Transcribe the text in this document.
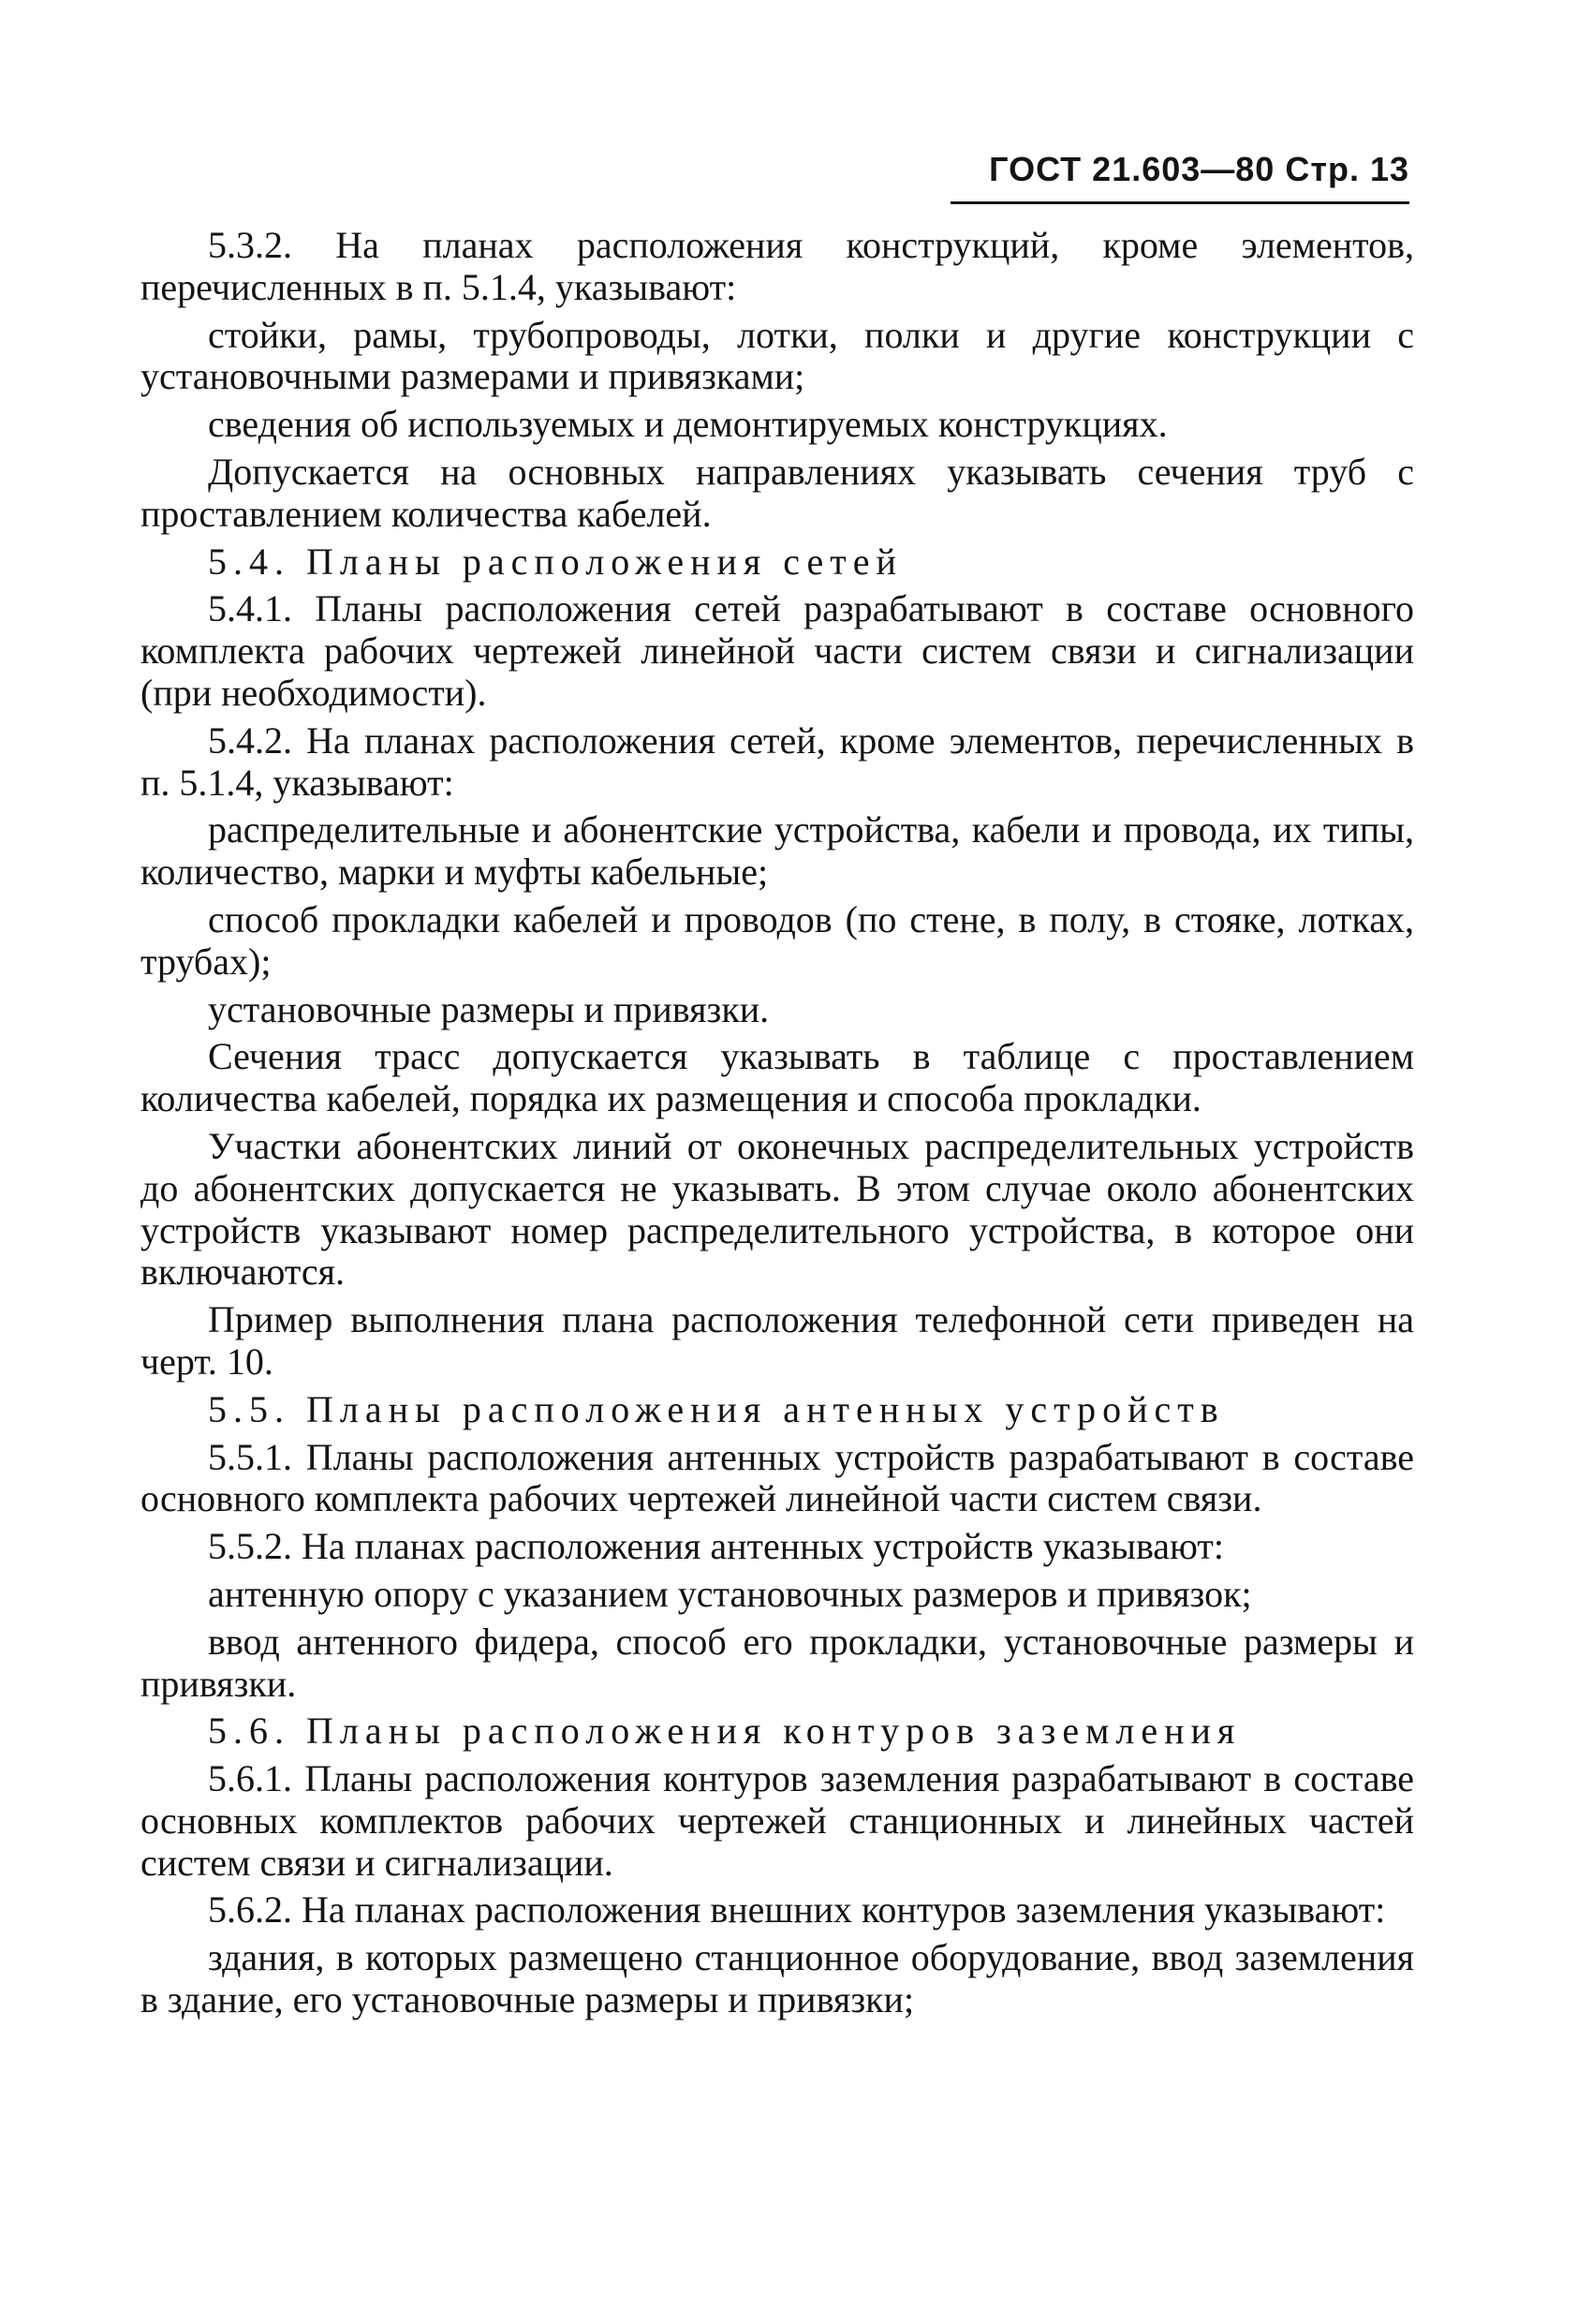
ГОСТ 21.603—80 Стр. 13

5.3.2. На планах расположения конструкций, кроме элементов, перечисленных в п. 5.1.4, указывают:

стойки, рамы, трубопроводы, лотки, полки и другие конструкции с установочными размерами и привязками;

сведения об используемых и демонтируемых конструкциях.

Допускается на основных направлениях указывать сечения труб с проставлением количества кабелей.

5.4. Планы расположения сетей

5.4.1. Планы расположения сетей разрабатывают в составе основного комплекта рабочих чертежей линейной части систем связи и сигнализации (при необходимости).

5.4.2. На планах расположения сетей, кроме элементов, перечисленных в п. 5.1.4, указывают:

распределительные и абонентские устройства, кабели и провода, их типы, количество, марки и муфты кабельные;

способ прокладки кабелей и проводов (по стене, в полу, в стояке, лотках, трубах);

установочные размеры и привязки.

Сечения трасс допускается указывать в таблице с проставлением количества кабелей, порядка их размещения и способа прокладки.

Участки абонентских линий от оконечных распределительных устройств до абонентских допускается не указывать. В этом случае около абонентских устройств указывают номер распределительного устройства, в которое они включаются.

Пример выполнения плана расположения телефонной сети приведен на черт. 10.

5.5. Планы расположения антенных устройств

5.5.1. Планы расположения антенных устройств разрабатывают в составе основного комплекта рабочих чертежей линейной части систем связи.

5.5.2. На планах расположения антенных устройств указывают:

антенную опору с указанием установочных размеров и привязок;

ввод антенного фидера, способ его прокладки, установочные размеры и привязки.

5.6. Планы расположения контуров заземления

5.6.1. Планы расположения контуров заземления разрабатывают в составе основных комплектов рабочих чертежей станционных и линейных частей систем связи и сигнализации.

5.6.2. На планах расположения внешних контуров заземления указывают:

здания, в которых размещено станционное оборудование, ввод заземления в здание, его установочные размеры и привязки;
